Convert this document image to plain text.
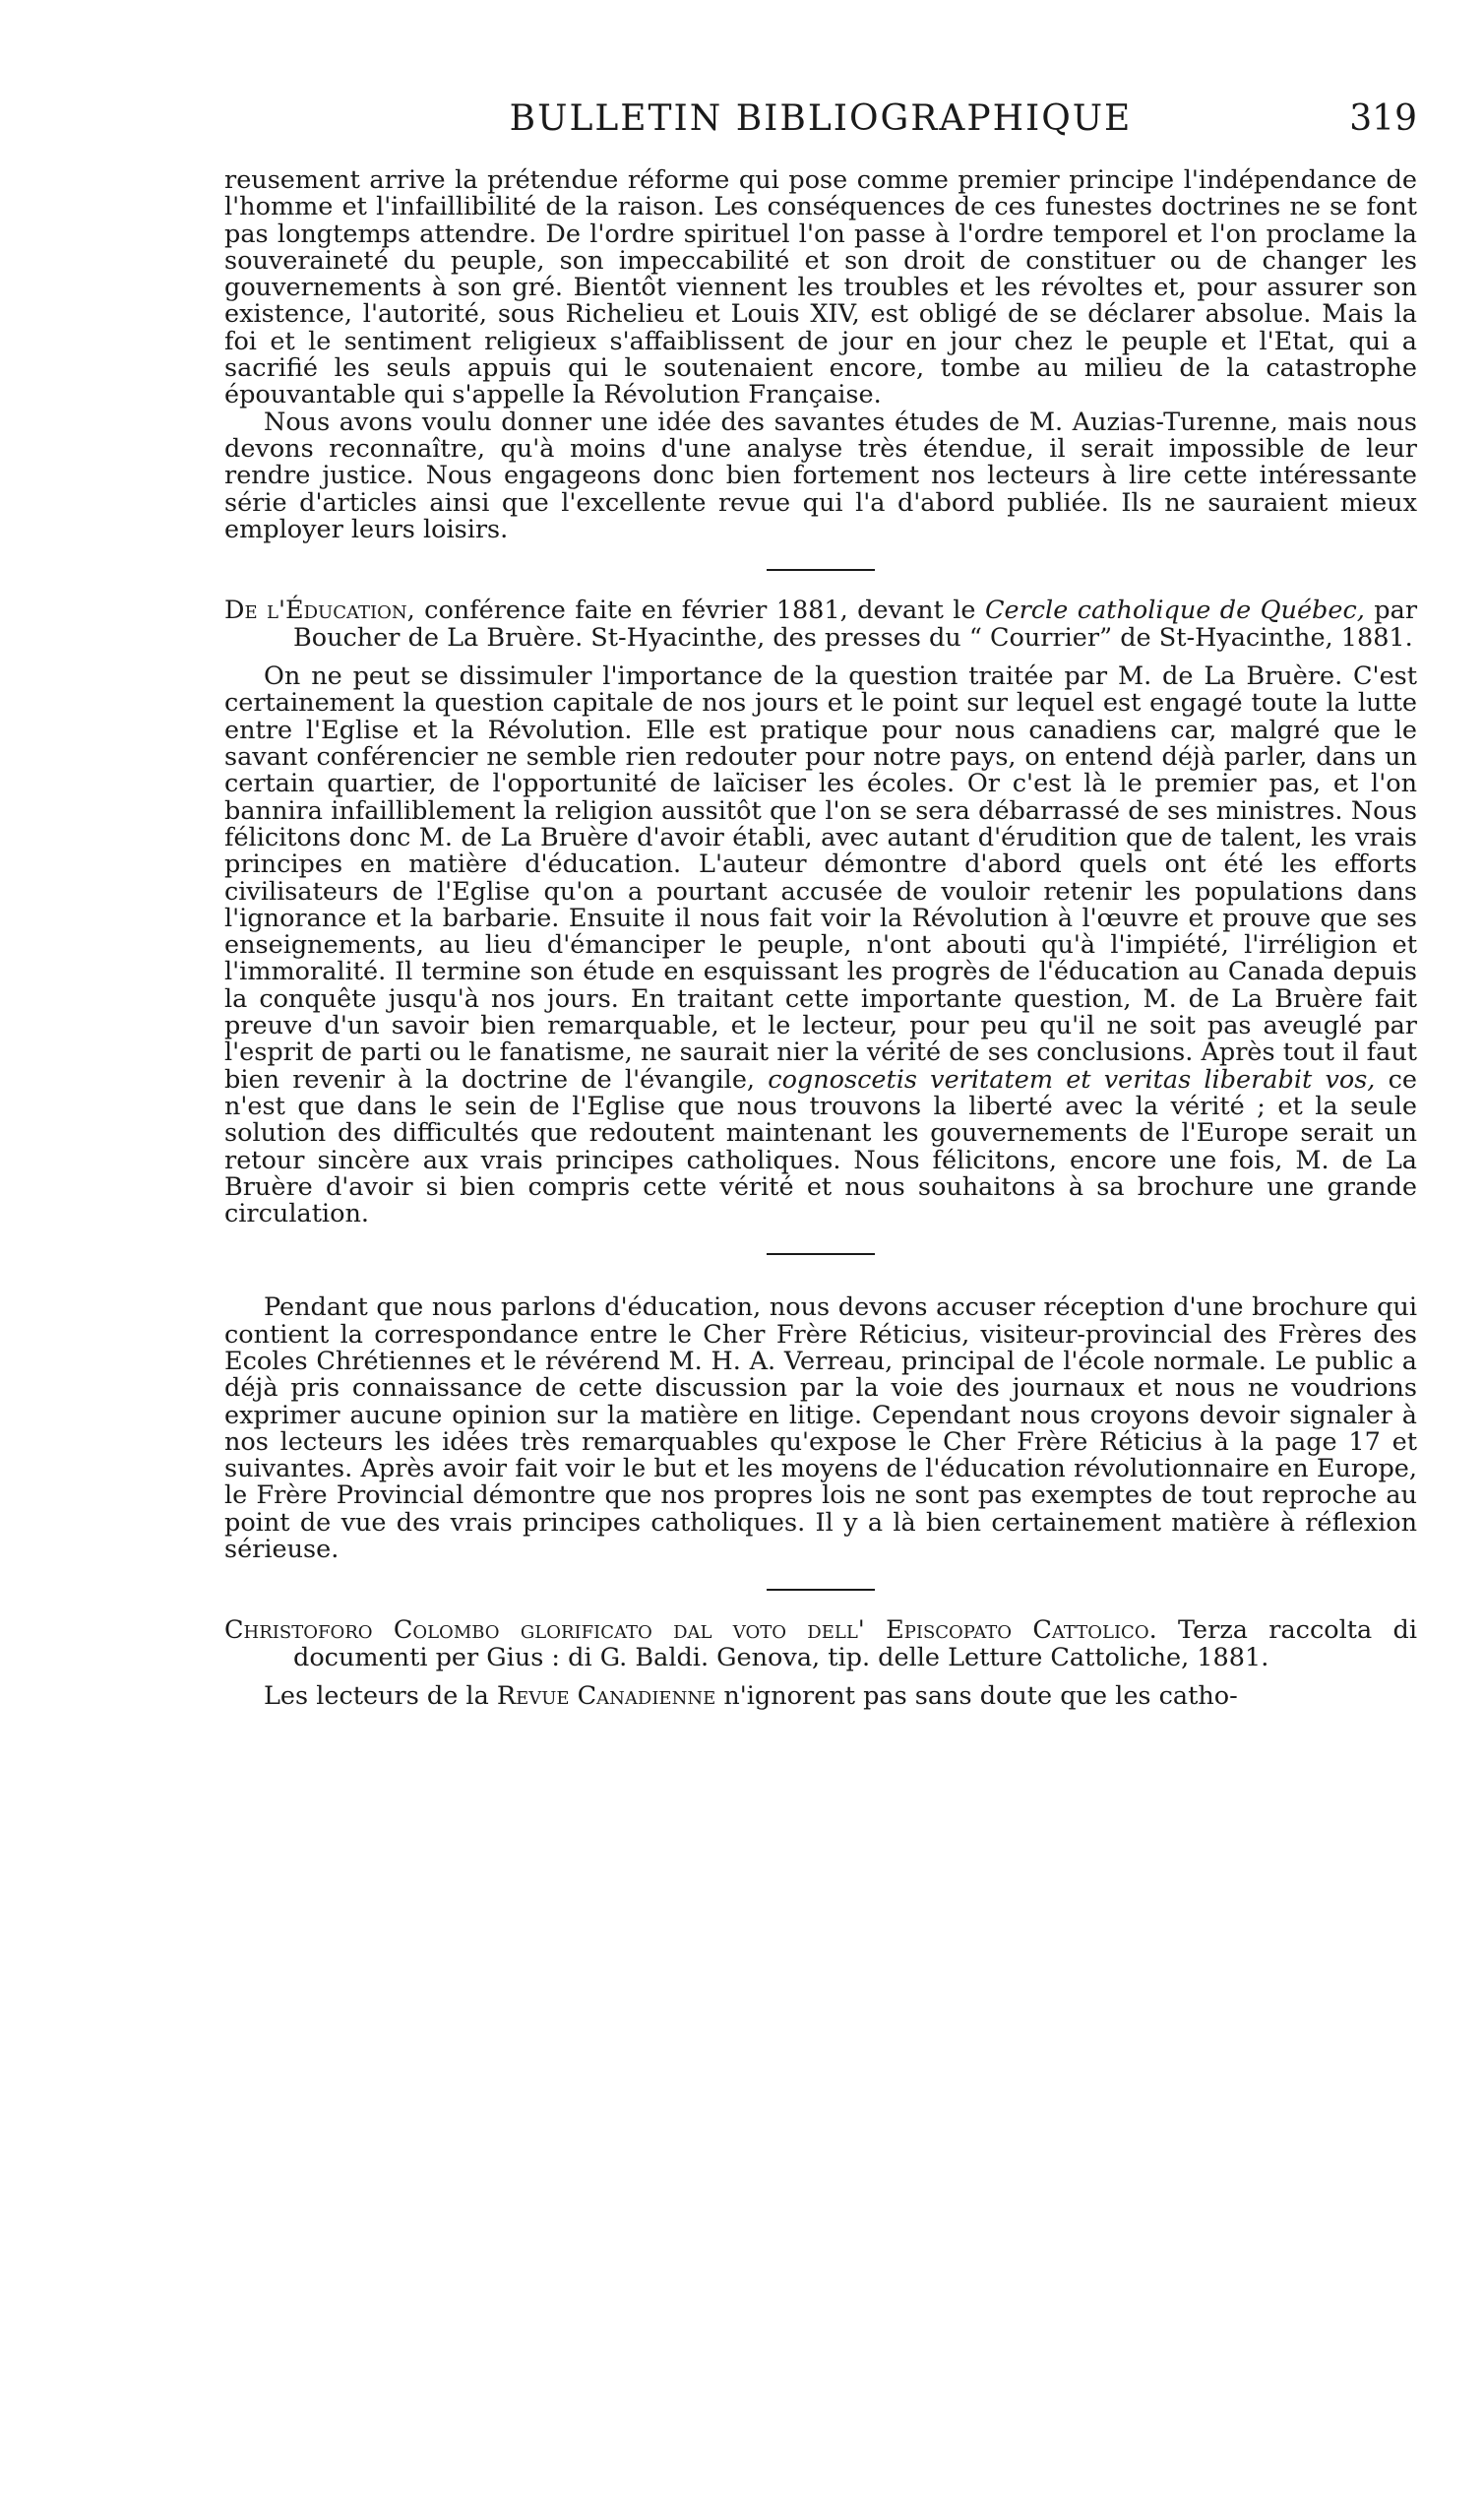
BULLETIN BIBLIOGRAPHIQUE	319

reusement arrive la prétendue réforme qui pose comme premier principe l'indépendance de l'homme et l'infaillibilité de la raison. Les conséquences de ces funestes doctrines ne se font pas longtemps attendre. De l'ordre spirituel l'on passe à l'ordre temporel et l'on proclame la souveraineté du peuple, son impeccabilité et son droit de constituer ou de changer les gouvernements à son gré. Bientôt viennent les troubles et les révoltes et, pour assurer son existence, l'autorité, sous Richelieu et Louis XIV, est obligé de se déclarer absolue. Mais la foi et le sentiment religieux s'affaiblissent de jour en jour chez le peuple et l'Etat, qui a sacrifié les seuls appuis qui le soutenaient encore, tombe au milieu de la catastrophe épouvantable qui s'appelle la Révolution Française.

Nous avons voulu donner une idée des savantes études de M. Auzias-Turenne, mais nous devons reconnaître, qu'à moins d'une analyse très étendue, il serait impossible de leur rendre justice. Nous engageons donc bien fortement nos lecteurs à lire cette intéressante série d'articles ainsi que l'excellente revue qui l'a d'abord publiée. Ils ne sauraient mieux employer leurs loisirs.

De l'Éducation, conférence faite en février 1881, devant le Cercle catholique de Québec, par Boucher de La Bruère. St-Hyacinthe, des presses du “ Courrier” de St-Hyacinthe, 1881.

On ne peut se dissimuler l'importance de la question traitée par M. de La Bruère. C'est certainement la question capitale de nos jours et le point sur lequel est engagé toute la lutte entre l'Eglise et la Révolution. Elle est pratique pour nous canadiens car, malgré que le savant conférencier ne semble rien redouter pour notre pays, on entend déjà parler, dans un certain quartier, de l'opportunité de laïciser les écoles. Or c'est là le premier pas, et l'on bannira infailliblement la religion aussitôt que l'on se sera débarrassé de ses ministres. Nous félicitons donc M. de La Bruère d'avoir établi, avec autant d'érudition que de talent, les vrais principes en matière d'éducation. L'auteur démontre d'abord quels ont été les efforts civilisateurs de l'Eglise qu'on a pourtant accusée de vouloir retenir les populations dans l'ignorance et la barbarie. Ensuite il nous fait voir la Révolution à l'œuvre et prouve que ses enseignements, au lieu d'émanciper le peuple, n'ont abouti qu'à l'impiété, l'irréligion et l'immoralité. Il termine son étude en esquissant les progrès de l'éducation au Canada depuis la conquête jusqu'à nos jours. En traitant cette importante question, M. de La Bruère fait preuve d'un savoir bien remarquable, et le lecteur, pour peu qu'il ne soit pas aveuglé par l'esprit de parti ou le fanatisme, ne saurait nier la vérité de ses conclusions. Après tout il faut bien revenir à la doctrine de l'évangile, cognoscetis veritatem et veritas liberabit vos, ce n'est que dans le sein de l'Eglise que nous trouvons la liberté avec la vérité ; et la seule solution des difficultés que redoutent maintenant les gouvernements de l'Europe serait un retour sincère aux vrais principes catholiques. Nous félicitons, encore une fois, M. de La Bruère d'avoir si bien compris cette vérité et nous souhaitons à sa brochure une grande circulation.

Pendant que nous parlons d'éducation, nous devons accuser réception d'une brochure qui contient la correspondance entre le Cher Frère Réticius, visiteur-provincial des Frères des Ecoles Chrétiennes et le révérend M. H. A. Verreau, principal de l'école normale. Le public a déjà pris connaissance de cette discussion par la voie des journaux et nous ne voudrions exprimer aucune opinion sur la matière en litige. Cependant nous croyons devoir signaler à nos lecteurs les idées très remarquables qu'expose le Cher Frère Réticius à la page 17 et suivantes. Après avoir fait voir le but et les moyens de l'éducation révolutionnaire en Europe, le Frère Provincial démontre que nos propres lois ne sont pas exemptes de tout reproche au point de vue des vrais principes catholiques. Il y a là bien certainement matière à réflexion sérieuse.

Christoforo Colombo glorificato dal voto dell' Episcopato Cattolico. Terza raccolta di documenti per Gius : di G. Baldi. Genova, tip. delle Letture Cattoliche, 1881.

Les lecteurs de la Revue Canadienne n'ignorent pas sans doute que les catho-
